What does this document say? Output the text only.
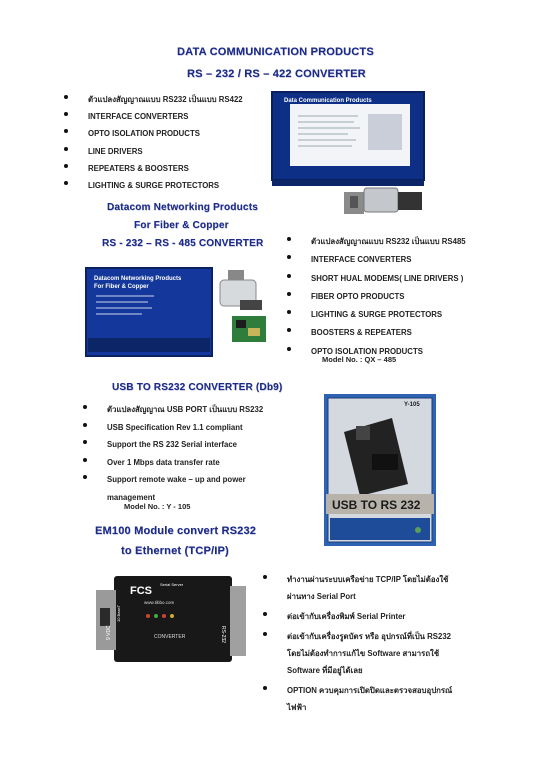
DATA COMMUNICATION PRODUCTS
RS – 232 / RS – 422 CONVERTER
ตัวแปลงสัญญาณแบบ RS232 เป็นแบบ RS422
INTERFACE CONVERTERS
OPTO ISOLATION PRODUCTS
LINE DRIVERS
REPEATERS & BOOSTERS
LIGHTING & SURGE PROTECTORS
Data Communication Products
Datacom Networking Products
For Fiber & Copper
RS - 232 – RS - 485 CONVERTER
Datacom Networking Products
For Fiber & Copper
ตัวแปลงสัญญาณแบบ RS232 เป็นแบบ RS485
INTERFACE CONVERTERS
SHORT HUAL MODEMS( LINE DRIVERS )
FIBER OPTO PRODUCTS
LIGHTING & SURGE PROTECTORS
BOOSTERS & REPEATERS
OPTO ISOLATION PRODUCTS
Model No. : QX – 485
USB TO RS232 CONVERTER (Db9)
ตัวแปลงสัญญาณ USB PORT เป็นแบบ RS232
USB Specification Rev 1.1 compliant
Support the RS 232 Serial interface
Over 1 Mbps data transfer rate
Support remote wake – up and power
management
Model No. : Y - 105
Y-105
USB TO RS 232
EM100 Module convert RS232
to Ethernet (TCP/IP)
FCS
Serial Server
www.tibbo.com
CONVERTER	RS-232
9 VDC
10 BaseT
ทำงานผ่านระบบเครือข่าย TCP/IP โดยไม่ต้องใช้
ผ่านทาง Serial Port
ต่อเข้ากับเครื่องพิมพ์ Serial Printer
ต่อเข้ากับเครื่องรูดบัตร หรือ อุปกรณ์ที่เป็น RS232
โดยไม่ต้องทำการแก้ไข Software สามารถใช้
Software ที่มีอยู่ได้เลย
OPTION ควบคุมการเปิดปิดและตรวจสอบอุปกรณ์
ไฟฟ้า
